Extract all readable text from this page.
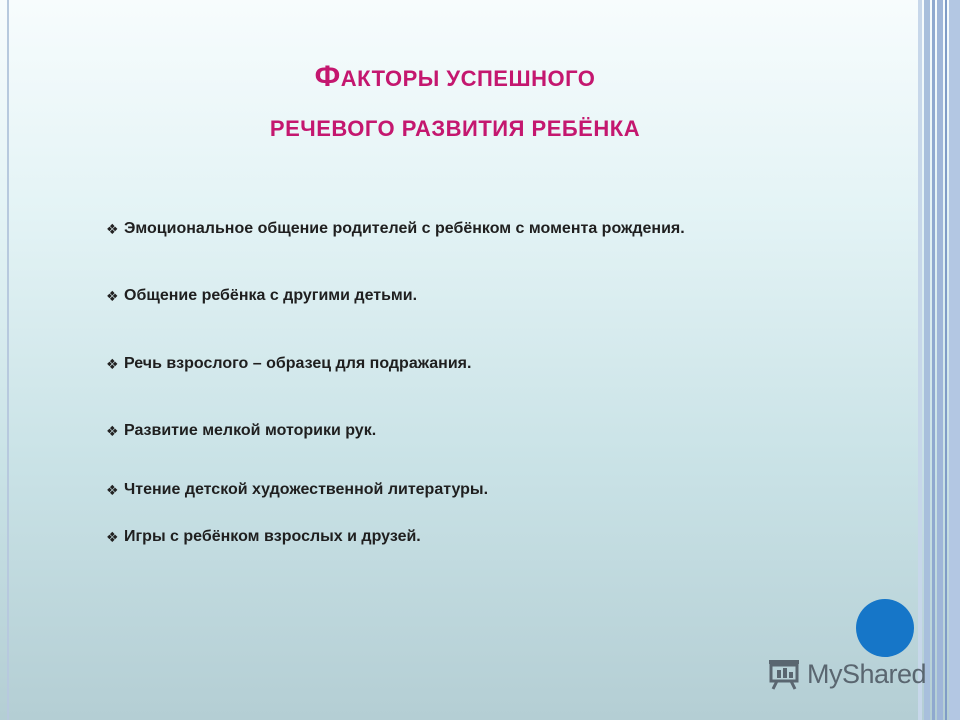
ФАКТОРЫ УСПЕШНОГО
РЕЧЕВОГО РАЗВИТИЯ РЕБЁНКА
❖ Эмоциональное общение родителей с ребёнком с момента рождения.
❖ Общение ребёнка с другими детьми.
❖ Речь взрослого – образец для подражания.
❖ Развитие мелкой моторики рук.
❖ Чтение детской художественной литературы.
❖ Игры с ребёнком взрослых и друзей.
MyShared
